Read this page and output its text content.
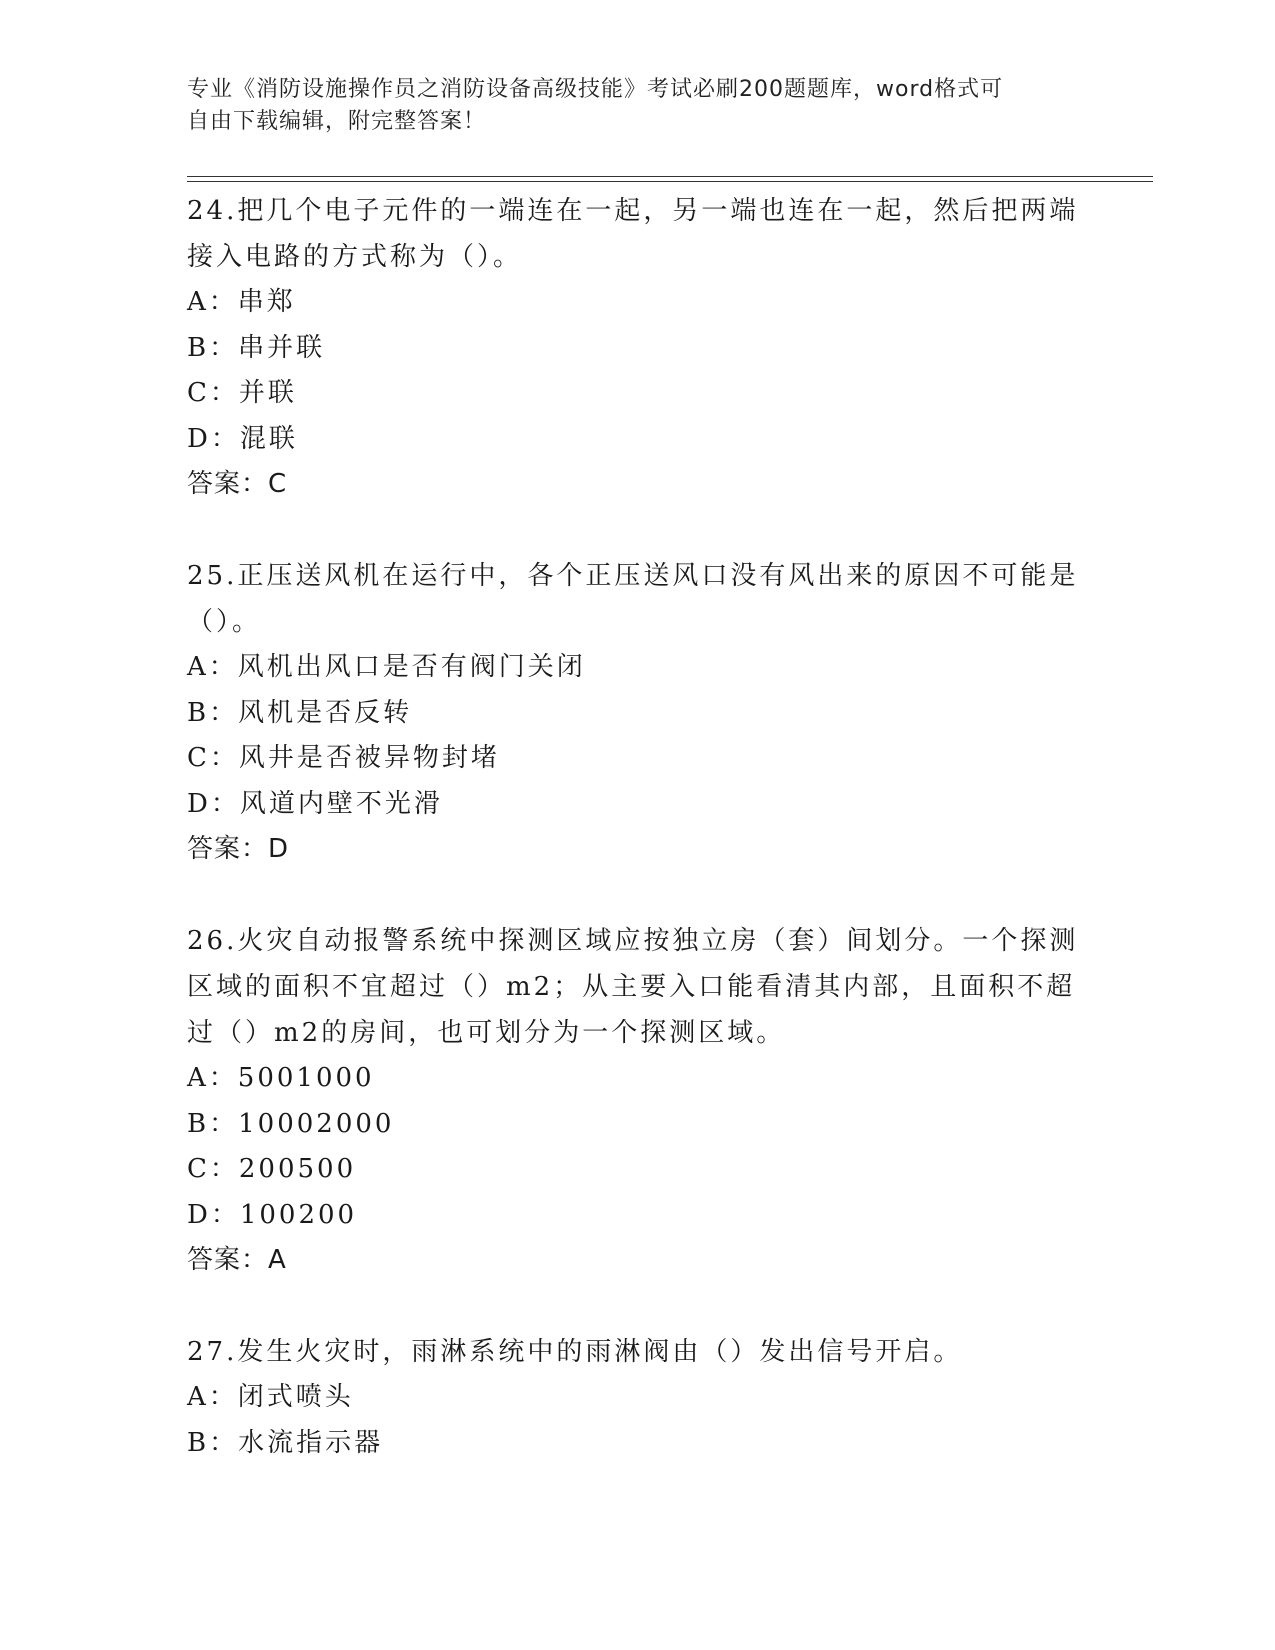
专业《消防设施操作员之消防设备高级技能》考试必刷200题题库，word格式可

自由下载编辑，附完整答案！

24.把几个电子元件的一端连在一起，另一端也连在一起，然后把两端

接入电路的方式称为（）。

A：串郑

B：串并联

C：并联

D：混联

答案：C

25.正压送风机在运行中，各个正压送风口没有风出来的原因不可能是

（）。

A：风机出风口是否有阀门关闭

B：风机是否反转

C：风井是否被异物封堵

D：风道内壁不光滑

答案：D

26.火灾自动报警系统中探测区域应按独立房（套）间划分。一个探测

区域的面积不宜超过（）m2；从主要入口能看清其内部，且面积不超

过（）m2的房间，也可划分为一个探测区域。

A：5001000

B：10002000

C：200500

D：100200

答案：A

27.发生火灾时，雨淋系统中的雨淋阀由（）发出信号开启。

A：闭式喷头

B：水流指示器
